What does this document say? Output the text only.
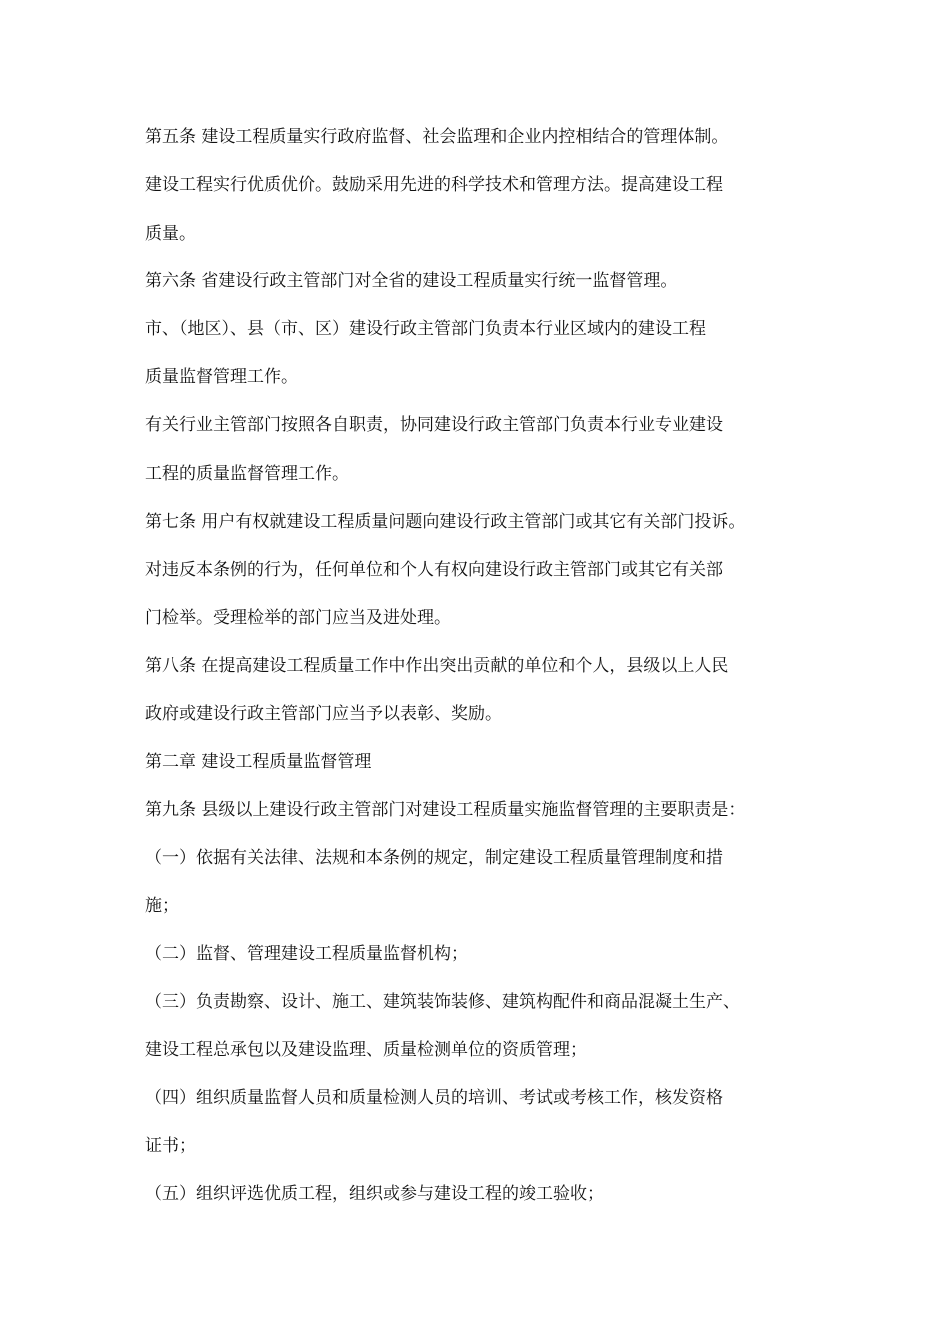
第五条 建设工程质量实行政府监督、社会监理和企业内控相结合的管理体制。
建设工程实行优质优价。鼓励采用先进的科学技术和管理方法。提高建设工程
质量。
第六条 省建设行政主管部门对全省的建设工程质量实行统一监督管理。
市、（地区）、县（市、区）建设行政主管部门负责本行业区域内的建设工程
质量监督管理工作。
有关行业主管部门按照各自职责，协同建设行政主管部门负责本行业专业建设
工程的质量监督管理工作。
第七条 用户有权就建设工程质量问题向建设行政主管部门或其它有关部门投诉。
对违反本条例的行为，任何单位和个人有权向建设行政主管部门或其它有关部
门检举。受理检举的部门应当及进处理。
第八条 在提高建设工程质量工作中作出突出贡献的单位和个人，县级以上人民
政府或建设行政主管部门应当予以表彰、奖励。
第二章 建设工程质量监督管理
第九条 县级以上建设行政主管部门对建设工程质量实施监督管理的主要职责是：
（一）依据有关法律、法规和本条例的规定，制定建设工程质量管理制度和措
施；
（二）监督、管理建设工程质量监督机构；
（三）负责勘察、设计、施工、建筑装饰装修、建筑构配件和商品混凝土生产、
建设工程总承包以及建设监理、质量检测单位的资质管理；
（四）组织质量监督人员和质量检测人员的培训、考试或考核工作，核发资格
证书；
（五）组织评选优质工程，组织或参与建设工程的竣工验收；
